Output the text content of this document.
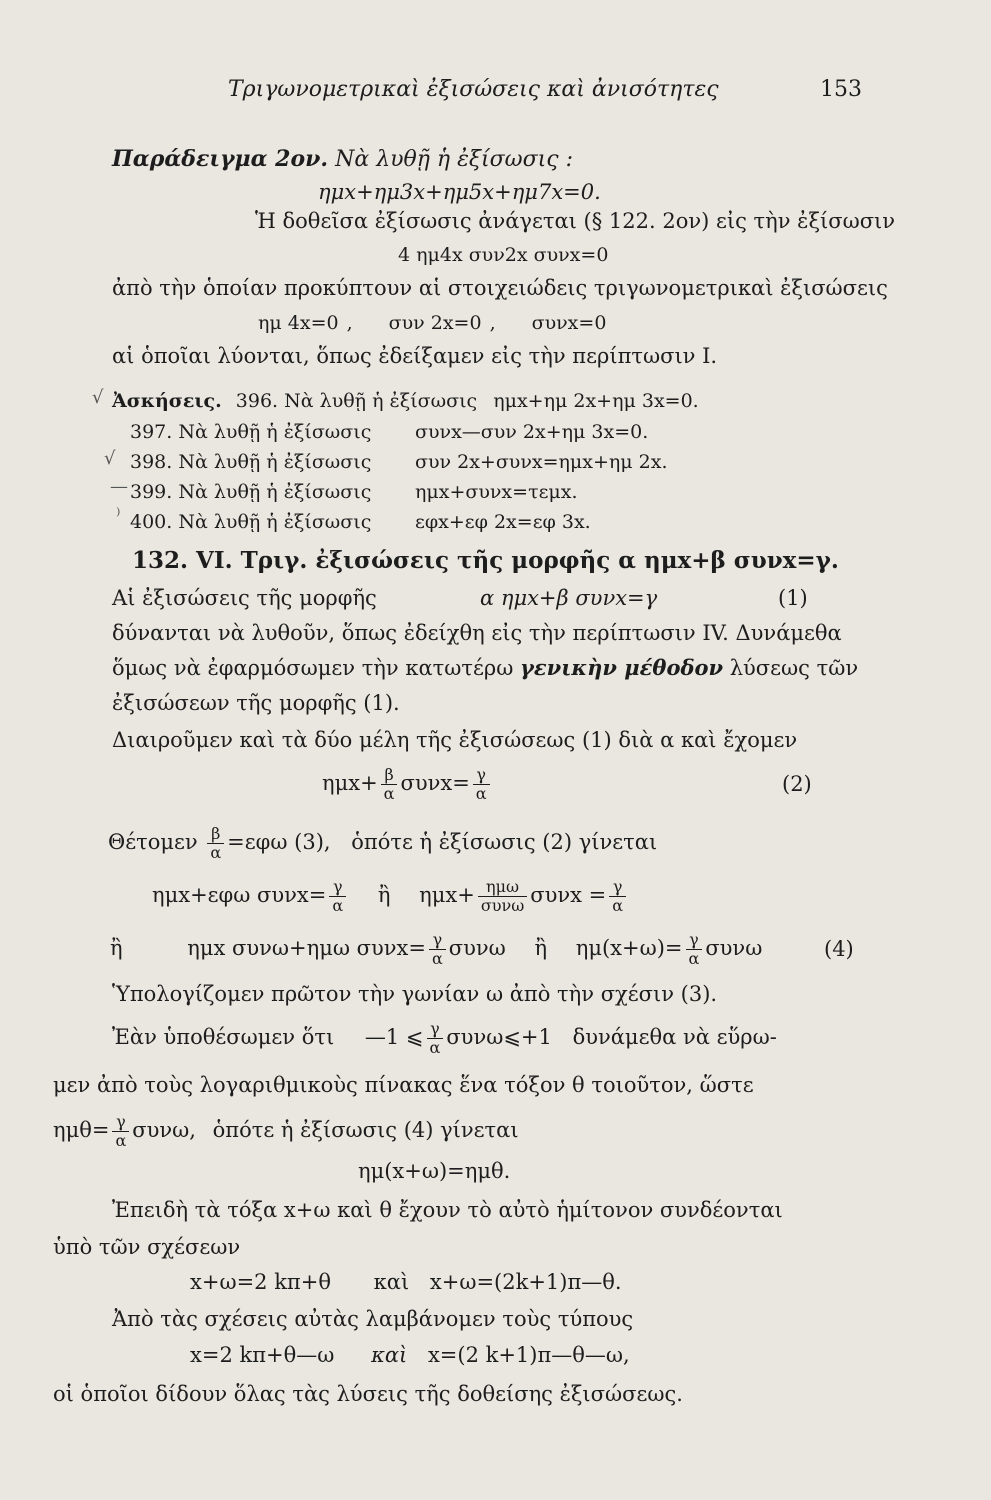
Τριγωνομετρικαὶ ἐξισώσεις καὶ ἀνισότητες	153
Παράδειγμα 2ον. Νὰ λυθῇ ἡ ἐξίσωσις :
ημx+ημ3x+ημ5x+ημ7x=0.
Ἡ δοθεῖσα ἐξίσωσις ἀνάγεται (§ 122. 2ον) εἰς τὴν ἐξίσωσιν
4 ημ4x συν2x συνx=0
ἀπὸ τὴν ὁποίαν προκύπτουν αἱ στοιχειώδεις τριγωνομετρικαὶ ἐξισώσεις
ημ 4x=0 , συν 2x=0 , συνx=0
αἱ ὁποῖαι λύονται, ὅπως ἐδείξαμεν εἰς τὴν περίπτωσιν I.
√ Ἀσκήσεις. 396. Νὰ λυθῇ ἡ ἐξίσωσις ημx+ημ 2x+ημ 3x=0.
397. Νὰ λυθῇ ἡ ἐξίσωσις συνx—συν 2x+ημ 3x=0.
√ 398. Νὰ λυθῇ ἡ ἐξίσωσις συν 2x+συνx=ημx+ημ 2x.
— 399. Νὰ λυθῇ ἡ ἐξίσωσις ημx+συνx=τεμx.
⁾ 400. Νὰ λυθῇ ἡ ἐξίσωσις εφx+εφ 2x=εφ 3x.
132. VI. Τριγ. ἐξισώσεις τῆς μορφῆς α ημx+β συνx=γ.
Αἱ ἐξισώσεις τῆς μορφῆς	α ημx+β συνx=γ	(1)
δύνανται νὰ λυθοῦν, ὅπως ἐδείχθη εἰς τὴν περίπτωσιν IV. Δυνάμεθα
ὅμως νὰ ἐφαρμόσωμεν τὴν κατωτέρω γενικὴν μέθοδον λύσεως τῶν
ἐξισώσεων τῆς μορφῆς (1).
Διαιροῦμεν καὶ τὰ δύο μέλη τῆς ἐξισώσεως (1) διὰ α καὶ ἔχομεν
$\eta\mu x+ \frac{\beta}{\alpha} \sigma\upsilon\nu x= \frac{\gamma}{\alpha}$	(2)
Θέτομεν $\frac{\beta}{\alpha} =\varepsilon\varphi\omega$ (3), ὁπότε ἡ ἐξίσωσις (2) γίνεται
ημx+εφω $\sigma\upsilon\nu x= \frac{\gamma}{\alpha}$ ἢ $\eta\mu x+ \frac{\text{ημω}}{\text{συνω}}$ $\sigma\upsilon\nu x = \frac{\gamma}{\alpha}$
ἢ	ημx συνω+ημω $\sigma\upsilon\nu x= \frac{\gamma}{\alpha}$ συνω ἢ $\eta\mu(x+\omega)= \frac{\gamma}{\alpha}$ συνω	(4)
Ὑπολογίζομεν πρῶτον τὴν γωνίαν ω ἀπὸ τὴν σχέσιν (3).
Ἐὰν ὑποθέσωμεν ὅτι —1 ⩽ $\frac{\gamma}{\alpha}$ συνω⩽+1 δυνάμεθα νὰ εὕρω-
μεν ἀπὸ τοὺς λογαριθμικοὺς πίνακας ἕνα τόξον θ τοιοῦτον, ὥστε
$\eta\mu\theta= \frac{\gamma}{\alpha} \sigma\upsilon\nu\omega$, ὁπότε ἡ ἐξίσωσις (4) γίνεται
ημ(x+ω)=ημθ.
Ἐπειδὴ τὰ τόξα x+ω καὶ θ ἔχουν τὸ αὐτὸ ἡμίτονον συνδέονται
ὑπὸ τῶν σχέσεων
x+ω=2 kπ+θ καὶ x+ω=(2k+1)π—θ.
Ἀπὸ τὰς σχέσεις αὐτὰς λαμβάνομεν τοὺς τύπους
x=2 kπ+θ—ω καὶ x=(2 k+1)π—θ—ω,
οἱ ὁποῖοι δίδουν ὅλας τὰς λύσεις τῆς δοθείσης ἐξισώσεως.
